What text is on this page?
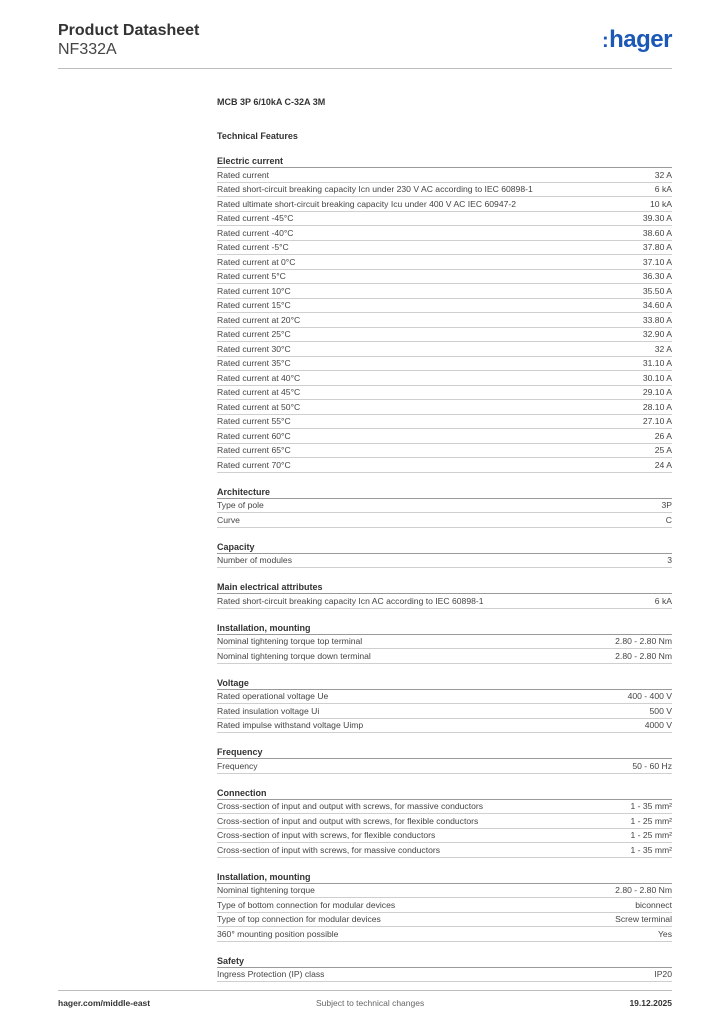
Product Datasheet
NF332A	:hager
MCB 3P 6/10kA C-32A 3M
Technical Features
Electric current
Rated current	32 A
Rated short-circuit breaking capacity Icn under 230 V AC according to IEC 60898-1	6 kA
Rated ultimate short-circuit breaking capacity Icu under 400 V AC IEC 60947-2	10 kA
Rated current -45°C	39.30 A
Rated current -40°C	38.60 A
Rated current -5°C	37.80 A
Rated current at 0°C	37.10 A
Rated current 5°C	36.30 A
Rated current 10°C	35.50 A
Rated current 15°C	34.60 A
Rated current at 20°C	33.80 A
Rated current 25°C	32.90 A
Rated current 30°C	32 A
Rated current 35°C	31.10 A
Rated current at 40°C	30.10 A
Rated current at 45°C	29.10 A
Rated current at 50°C	28.10 A
Rated current 55°C	27.10 A
Rated current 60°C	26 A
Rated current 65°C	25 A
Rated current 70°C	24 A
Architecture
Type of pole	3P
Curve	C
Capacity
Number of modules	3
Main electrical attributes
Rated short-circuit breaking capacity Icn AC according to IEC 60898-1	6 kA
Installation, mounting
Nominal tightening torque top terminal	2.80 - 2.80 Nm
Nominal tightening torque down terminal	2.80 - 2.80 Nm
Voltage
Rated operational voltage Ue	400 - 400 V
Rated insulation voltage Ui	500 V
Rated impulse withstand voltage Uimp	4000 V
Frequency
Frequency	50 - 60 Hz
Connection
Cross-section of input and output with screws, for massive conductors	1 - 35 mm²
Cross-section of input and output with screws, for flexible conductors	1 - 25 mm²
Cross-section of input with screws, for flexible conductors	1 - 25 mm²
Cross-section of input with screws, for massive conductors	1 - 35 mm²
Installation, mounting
Nominal tightening torque	2.80 - 2.80 Nm
Type of bottom connection for modular devices	biconnect
Type of top connection for modular devices	Screw terminal
360° mounting position possible	Yes
Safety
Ingress Protection (IP) class	IP20
hager.com/middle-east	Subject to technical changes	19.12.2025
